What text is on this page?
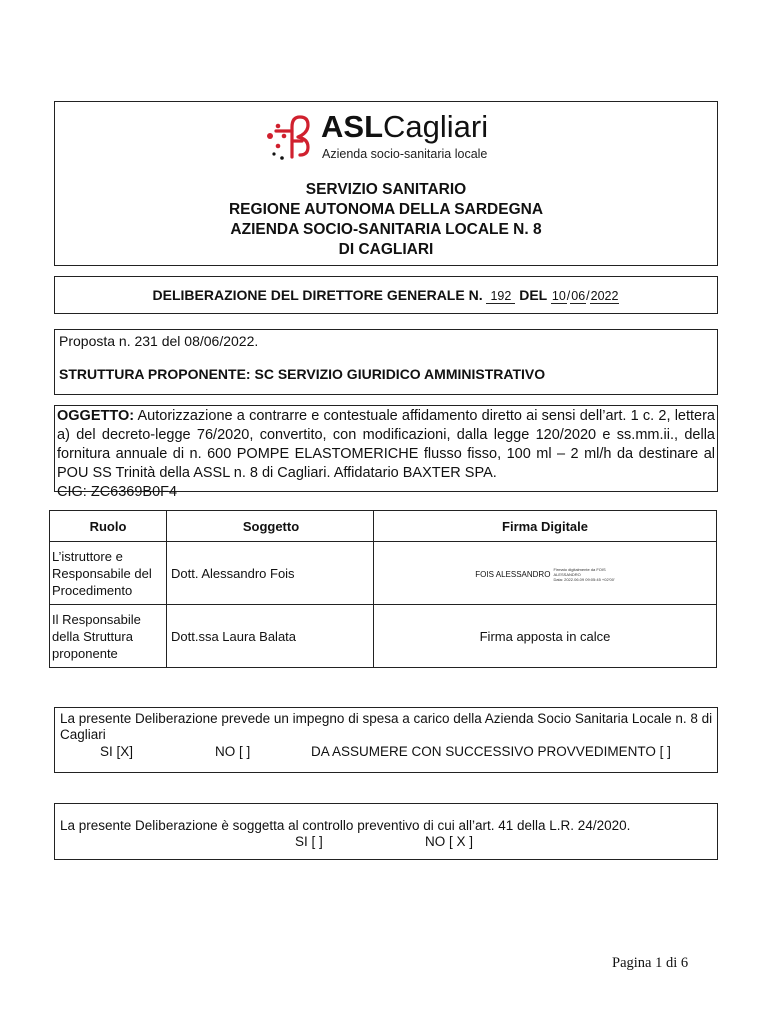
ASLCagliari
Azienda socio-sanitaria locale
SERVIZIO SANITARIO
REGIONE AUTONOMA DELLA SARDEGNA
AZIENDA SOCIO-SANITARIA LOCALE N. 8
DI CAGLIARI
DELIBERAZIONE DEL DIRETTORE GENERALE N. 192 DEL 10/06/2022
Proposta n. 231 del 08/06/2022.
STRUTTURA PROPONENTE: SC SERVIZIO GIURIDICO AMMINISTRATIVO
OGGETTO: Autorizzazione a contrarre e contestuale affidamento diretto ai sensi dell’art. 1 c. 2, lettera a) del decreto-legge 76/2020, convertito, con modificazioni, dalla legge 120/2020 e ss.mm.ii., della fornitura annuale di n. 600 POMPE ELASTOMERICHE flusso fisso, 100 ml – 2 ml/h da destinare al POU SS Trinità della ASSL n. 8 di Cagliari. Affidatario BAXTER SPA.
CIG: ZC6369B0F4
Ruolo	Soggetto	Firma Digitale
L’istruttore e Responsabile del Procedimento	Dott. Alessandro Fois	FOIS ALESSANDRO
Firmato digitalmente da FOIS
ALESSANDRO
Data: 2022.06.09 09:05:45 +02'00'

Il Responsabile della Struttura proponente	Dott.ssa Laura Balata	Firma apposta in calce
La presente Deliberazione prevede un impegno di spesa a carico della Azienda Socio Sanitaria Locale n. 8 di Cagliari
SI [X]	NO [ ]	DA ASSUMERE CON SUCCESSIVO PROVVEDIMENTO [ ]
La presente Deliberazione è soggetta al controllo preventivo di cui all’art. 41 della L.R. 24/2020.
SI [ ]	NO [ X ]
Pagina 1 di 6
